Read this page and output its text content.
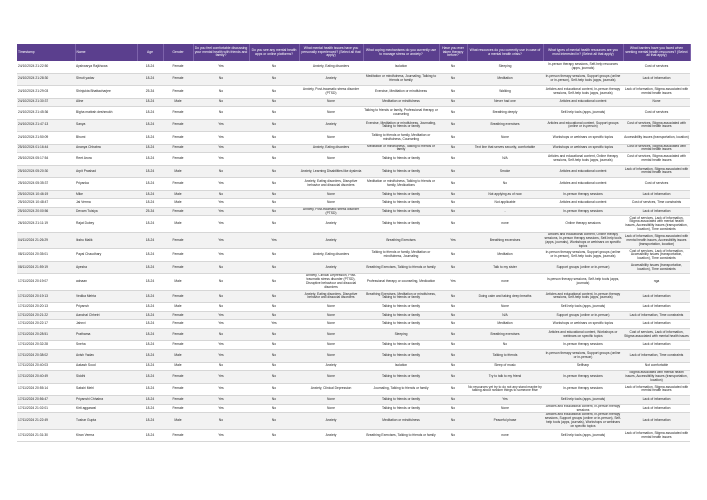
Timestamp	Name	Age	Gender	Do you feel comfortable discussing your mental health with friends and family?	Do you see any mental health apps or online platforms?	What mental health issues have you personally experienced? (Select all that apply)	What coping mechanisms do you currently use to manage stress or anxiety?	Have you ever taken therapy before?	What resources do you currently use in case of a mental health crisis?	What types of mental health resources are you most interested in? (Select all that apply)	What barriers have you faced when seeking mental health resources? (Select all that apply)
24/10/2024 21:22:50	Ayshwarya Rajkhowa	18-24	Female	Yes	No	Anxiety, Eating disorders	Isolation	No	Sleeping	In-person therapy sessions, Self-help resources (apps, journals)	Cost of services
24/10/2024 21:28:30	Shruti yadav	18-24	Female	No	No	Anxiety	Meditation or mindfulness, Journaling, Talking to friends or family	No	Meditation	In-person therapy sessions, Support groups (online or in-person), Self-help tools (apps, journals)	Lack of information
24/10/2024 21:29:03	Shinjukta Bhattacharjee	25-34	Female	No	No	Anxiety, Post-traumatic stress disorder (PTSD)	Exercise, Meditation or mindfulness	No	Walking	Articles and educational content, In-person therapy sessions, Self-help tools (apps, journals)	Lack of information, Stigma associated with mental health issues
24/10/2024 21:30:37	Aline	18-24	Male	No	No	None	Meditation or mindfulness	No	Never had one	Articles and educational content	None
24/10/2024 21:45:36	Bigha matirah deshmukh	18-24	Female	No	No	None	Talking to friends or family, Professional therapy or counseling	No	Breathing deeply	Self-help tools (apps, journals)	Cost of services
24/10/2024 21:47:13	Sanya	18-24	Female	Yes	No	Anxiety	Exercise, Meditation or mindfulness, Journaling, Talking to friends or family	No	Breathing exercises	Articles and educational content, Support groups (online or in-person)	Cost of services, Stigma associated with mental health issues
24/10/2024 21:50:09	Bhumi	18-24	Female	Yes	No	None	Talking to friends or family, Meditation or mindfulness, Counseling	No	None	Workshops or webinars on specific topics	Accessibility issues (transportation, location)
25/10/2024 01:16:44	Ananya Chhabra	18-24	Female	Yes	No	Anxiety, Eating disorders	Meditation or mindfulness, Talking to friends or family	No	Text line that serves security, comfortable	Workshops or webinars on specific topics	Cost of services, Stigma associated with mental health issues
25/10/2024 05:17:54	Reet Arora	18-24	Female	Yes	No	None	Talking to friends or family	No	N/A	Articles and educational content, Online therapy sessions, Self-help tools (apps, journals)	Cost of services, Stigma associated with mental health issues
25/10/2024 05:20:30	Arpit Prashad	18-24	Male	No	No	Anxiety, Learning Disabilities like dyslexia	Talking to friends or family	No	Smoke	Articles and educational content	Lack of information, Stigma associated with mental health issues
25/10/2024 05:35:37	Priyanka	18-24	Female	Yes	No	Anxiety, Eating disorders, Disruptive behavior and dissocial disorders	Meditation or mindfulness, Talking to friends or family, Medications	No	No	Articles and educational content	Cost of services
25/10/2024 10:46:19	Mike	18-24	Male	No	No	None	Talking to friends or family	No	Not applying as of now	In-person therapy sessions	Lack of information
25/10/2024 10:48:47	Jai Verma	18-24	Male	Yes	No	None	Talking to friends or family	No	Not applicable	Articles and educational content	Cost of services, Time constraints
25/10/2024 20:00:56	Devam Tulsiya	25-34	Female	Yes	No	Anxiety, Post-traumatic stress disorder (PTSD)	Talking to friends or family	No	-	In-person therapy sessions	Lack of information
26/10/2024 21:11:19	Rajat Dubey	18-24	Male	Yes	No	Anxiety	Talking to friends or family	No	none	Online therapy sessions	Cost of services, Lack of information, Stigma associated with mental health issues, Accessibility issues (transportation, location), Time constraints
04/11/2024 21:26:29	Ikshu Malik	18-24	Female	Yes	Yes	Anxiety	Breathing Exercises	Yes	Breathing excercises	Articles and educational content, Online therapy sessions, In-person therapy sessions, Self-help tools (apps, journals), Workshops or webinars on specific topics	Lack of information, Stigma associated with mental health issues, Accessibility issues (transportation, location)
08/11/2024 20:35:01	Payal Chaudhary	18-24	Female	Yes	No	Anxiety, Eating disorders	Talking to friends or family, Meditation or mindfulness, Journaling	No	Meditation	In-person therapy sessions, Support groups (online or in-person), Self-help tools (apps, journals)	Cost of services, Lack of information, Accessibility issues (transportation, location), Time constraints
08/11/2024 21:59:19	Ayesha	18-24	Female	No	No	Anxiety	Breathing Exercises, Talking to friends or family	No	Talk to my sister	Support groups (online or in-person)	Accessibility issues (transportation, location), Time constraints
17/11/2024 20:19:07	adnaan	18-24	Male	No	No	Anxiety, Clinical Depression, Post-traumatic stress disorder (PTSD), Disruptive behaviour and dissocial disorders	Professional therapy or counseling, Medication	Yes	none	In-person therapy sessions, Self-help tools (apps, journals)	nga
17/11/2024 20:19:13	Vedika Mehta	18-24	Female	No	No	Anxiety, Eating disorders, Disruptive behavior and dissocial disorders	Breathing Exercises, Meditation or mindfulness, Talking to friends or family	No	Doing calm and taking deep breaths	Articles and educational content, In-person therapy sessions, Self-help tools (apps, journals)	Lack of information
17/11/2024 20:20:13	Priyansh	18-24	Male	No	No	None	Talking to friends or family	No	None	Self-help tools (apps, journals)	Lack of information
17/11/2024 20:21:22	Aanchal Chhetri	18-24	Female	Yes	No	None	Talking to friends or family	No	N/A	Support groups (online or in-person)	Lack of information, Time constraints
17/11/2024 20:22:17	Jahnvi	18-24	Female	Yes	Yes	None	Talking to friends or family	No	Meditation	Workshops or webinars on specific topics	Lack of information
17/11/2024 20:28:51	Prathama	18-24	Female	No	No	None	Sleeping	No	Breathing exercises	Articles and educational content, Workshops or webinars on specific topics	Cost of services, Lack of information, Stigma associated with mental health issues
17/11/2024 20:32:28	Sneha	18-24	Female	Yes	No	None	Talking to friends or family	No	No	In-person therapy sessions	Lack of information
17/11/2024 20:38:02	Avish Yadav	18-24	Male	Yes	No	None	Talking to friends or family	No	Talking to friends	In-person therapy sessions, Support groups (online or in-person)	Lack of information, Time constraints
17/11/2024 20:40:03	Aakash Sood	18-24	Male	No	No	Anxiety	Isolation	No	Sleep of music	Selfharp	Not comfortable
17/11/2024 20:40:49	Siddhi	18-24	Female	Yes	No	None	Talking to friends or family	No	Try to talk to my friend	In-person therapy sessions	Stigma associated with mental health issues, Accessibility issues (transportation, location)
17/11/2024 20:55:14	Sakshi Mehl	18-24	Female	Yes	No	Anxiety, Clinical Depression	Journaling, Talking to friends or family	No	No resources yet try to do not any stand maybe by talking about random things to someone else	In-person therapy sessions	Lack of information, Stigma associated with mental health issues
17/11/2024 20:56:47	Priyanshi Chhabra	18-24	Female	Yes	No	None	Talking to friends or family	No	Yes	Self-help tools (apps, journals)	Lack of information
17/11/2024 21:02:01	Kirti aggarwal	18-24	Female	Yes	No	None	Talking to friends or family	No	None	Articles and educational content, In-person therapy sessions	Lack of information
17/11/2024 21:22:49	Tushar Gupta	18-24	Male	No	No	Anxiety	Meditation or mindfulness	No	Peaceful phase	Articles and educational content, In-person therapy sessions, Support groups (online or in-person), Self-help tools (apps, journals), Workshops or webinars on specific topics	Lack of information
17/11/2024 21:31:30	Kiran Verma	18-24	Female	Yes	No	Anxiety	Breathing Exercises, Talking to friends or family	No	none	Self-help tools (apps, journals)	Lack of information, Stigma associated with mental health issues
